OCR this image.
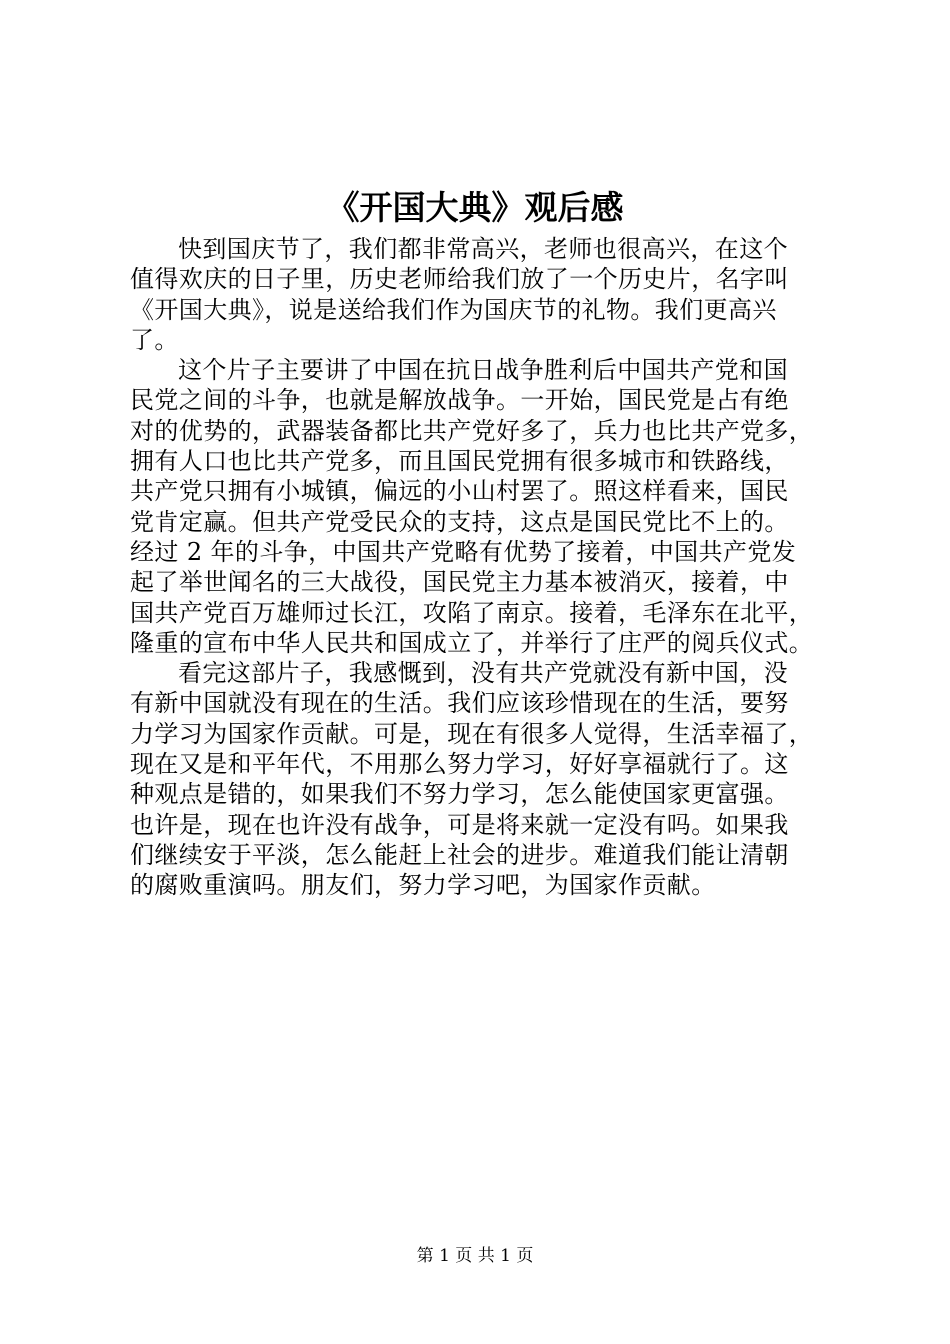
《开国大典》观后感
快到国庆节了，我们都非常高兴，老师也很高兴，在这个
值得欢庆的日子里，历史老师给我们放了一个历史片，名字叫
《开国大典》，说是送给我们作为国庆节的礼物。我们更高兴
了。
这个片子主要讲了中国在抗日战争胜利后中国共产党和国
民党之间的斗争，也就是解放战争。一开始，国民党是占有绝
对的优势的，武器装备都比共产党好多了，兵力也比共产党多，
拥有人口也比共产党多，而且国民党拥有很多城市和铁路线，
共产党只拥有小城镇，偏远的小山村罢了。照这样看来，国民
党肯定赢。但共产党受民众的支持，这点是国民党比不上的。
经过 2 年的斗争，中国共产党略有优势了接着，中国共产党发
起了举世闻名的三大战役，国民党主力基本被消灭，接着，中
国共产党百万雄师过长江，攻陷了南京。接着，毛泽东在北平，
隆重的宣布中华人民共和国成立了，并举行了庄严的阅兵仪式。
看完这部片子，我感慨到，没有共产党就没有新中国，没
有新中国就没有现在的生活。我们应该珍惜现在的生活，要努
力学习为国家作贡献。可是，现在有很多人觉得，生活幸福了，
现在又是和平年代，不用那么努力学习，好好享福就行了。这
种观点是错的，如果我们不努力学习，怎么能使国家更富强。
也许是，现在也许没有战争，可是将来就一定没有吗。如果我
们继续安于平淡，怎么能赶上社会的进步。难道我们能让清朝
的腐败重演吗。朋友们，努力学习吧，为国家作贡献。
第 1 页 共 1 页
